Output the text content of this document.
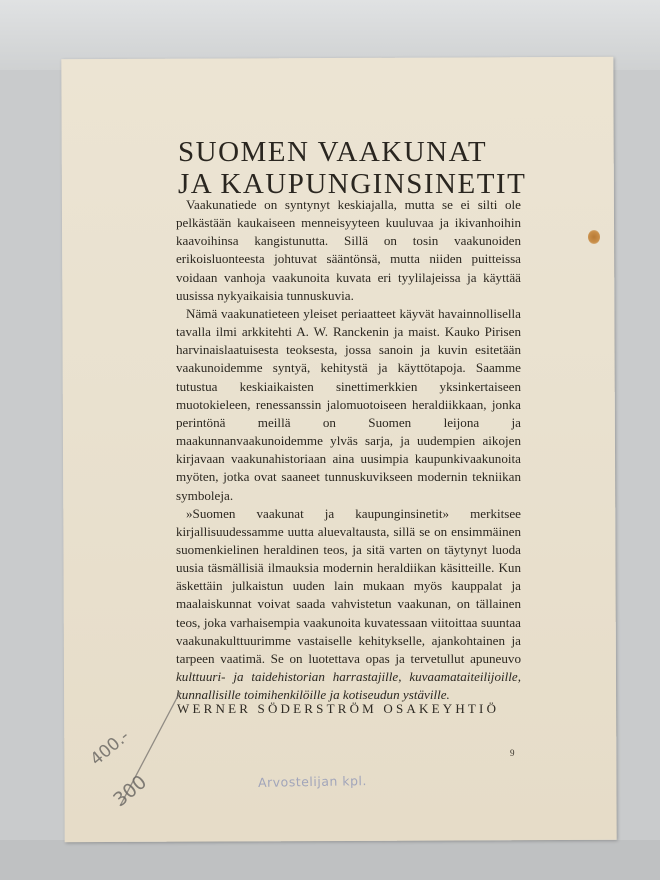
SUOMEN VAAKUNAT
JA KAUPUNGINSINETIT

Vaakunatiede on syntynyt keskiajalla, mutta se ei silti ole pelkästään kaukaiseen menneisyyteen kuuluvaa ja ikivanhoihin kaavoihinsa kangistunutta. Sillä on tosin vaakunoiden erikoisluonteesta johtuvat sääntönsä, mutta niiden puitteissa voidaan vanhoja vaakunoita kuvata eri tyylilajeissa ja käyttää uusissa nykyaikaisia tunnuskuvia.

Nämä vaakunatieteen yleiset periaatteet käyvät havainnollisella tavalla ilmi arkkitehti A. W. Ranckenin ja maist. Kauko Pirisen harvinaislaatuisesta teoksesta, jossa sanoin ja kuvin esitetään vaakunoidemme syntyä, kehitystä ja käyttötapoja. Saamme tutustua keskiaikaisten sinettimerkkien yksinkertaiseen muotokieleen, renessanssin jalomuotoiseen heraldiikkaan, jonka perintönä meillä on Suomen leijona ja maakunnanvaakunoidemme ylväs sarja, ja uudempien aikojen kirjavaan vaakunahistoriaan aina uusimpia kaupunkivaakunoita myöten, jotka ovat saaneet tunnuskuvikseen modernin tekniikan symboleja.

»Suomen vaakunat ja kaupunginsinetit» merkitsee kirjallisuudessamme uutta aluevaltausta, sillä se on ensimmäinen suomenkielinen heraldinen teos, ja sitä varten on täytynyt luoda uusia täsmällisiä ilmauksia modernin heraldiikan käsitteille. Kun äskettäin julkaistun uuden lain mukaan myös kauppalat ja maalaiskunnat voivat saada vahvistetun vaakunan, on tällainen teos, joka varhaisempia vaakunoita kuvatessaan viitoittaa suuntaa vaakunakulttuurimme vastaiselle kehitykselle, ajankohtainen ja tarpeen vaatimä. Se on luotettava opas ja tervetullut apuneuvo kulttuuri- ja taidehistorian harrastajille, kuvaamataiteilijoille, kunnallisille toimihenkilöille ja kotiseudun ystäville.

WERNER SÖDERSTRÖM OSAKEYHTIÖ
9
Arvostelijan kpl.
400.-
300
